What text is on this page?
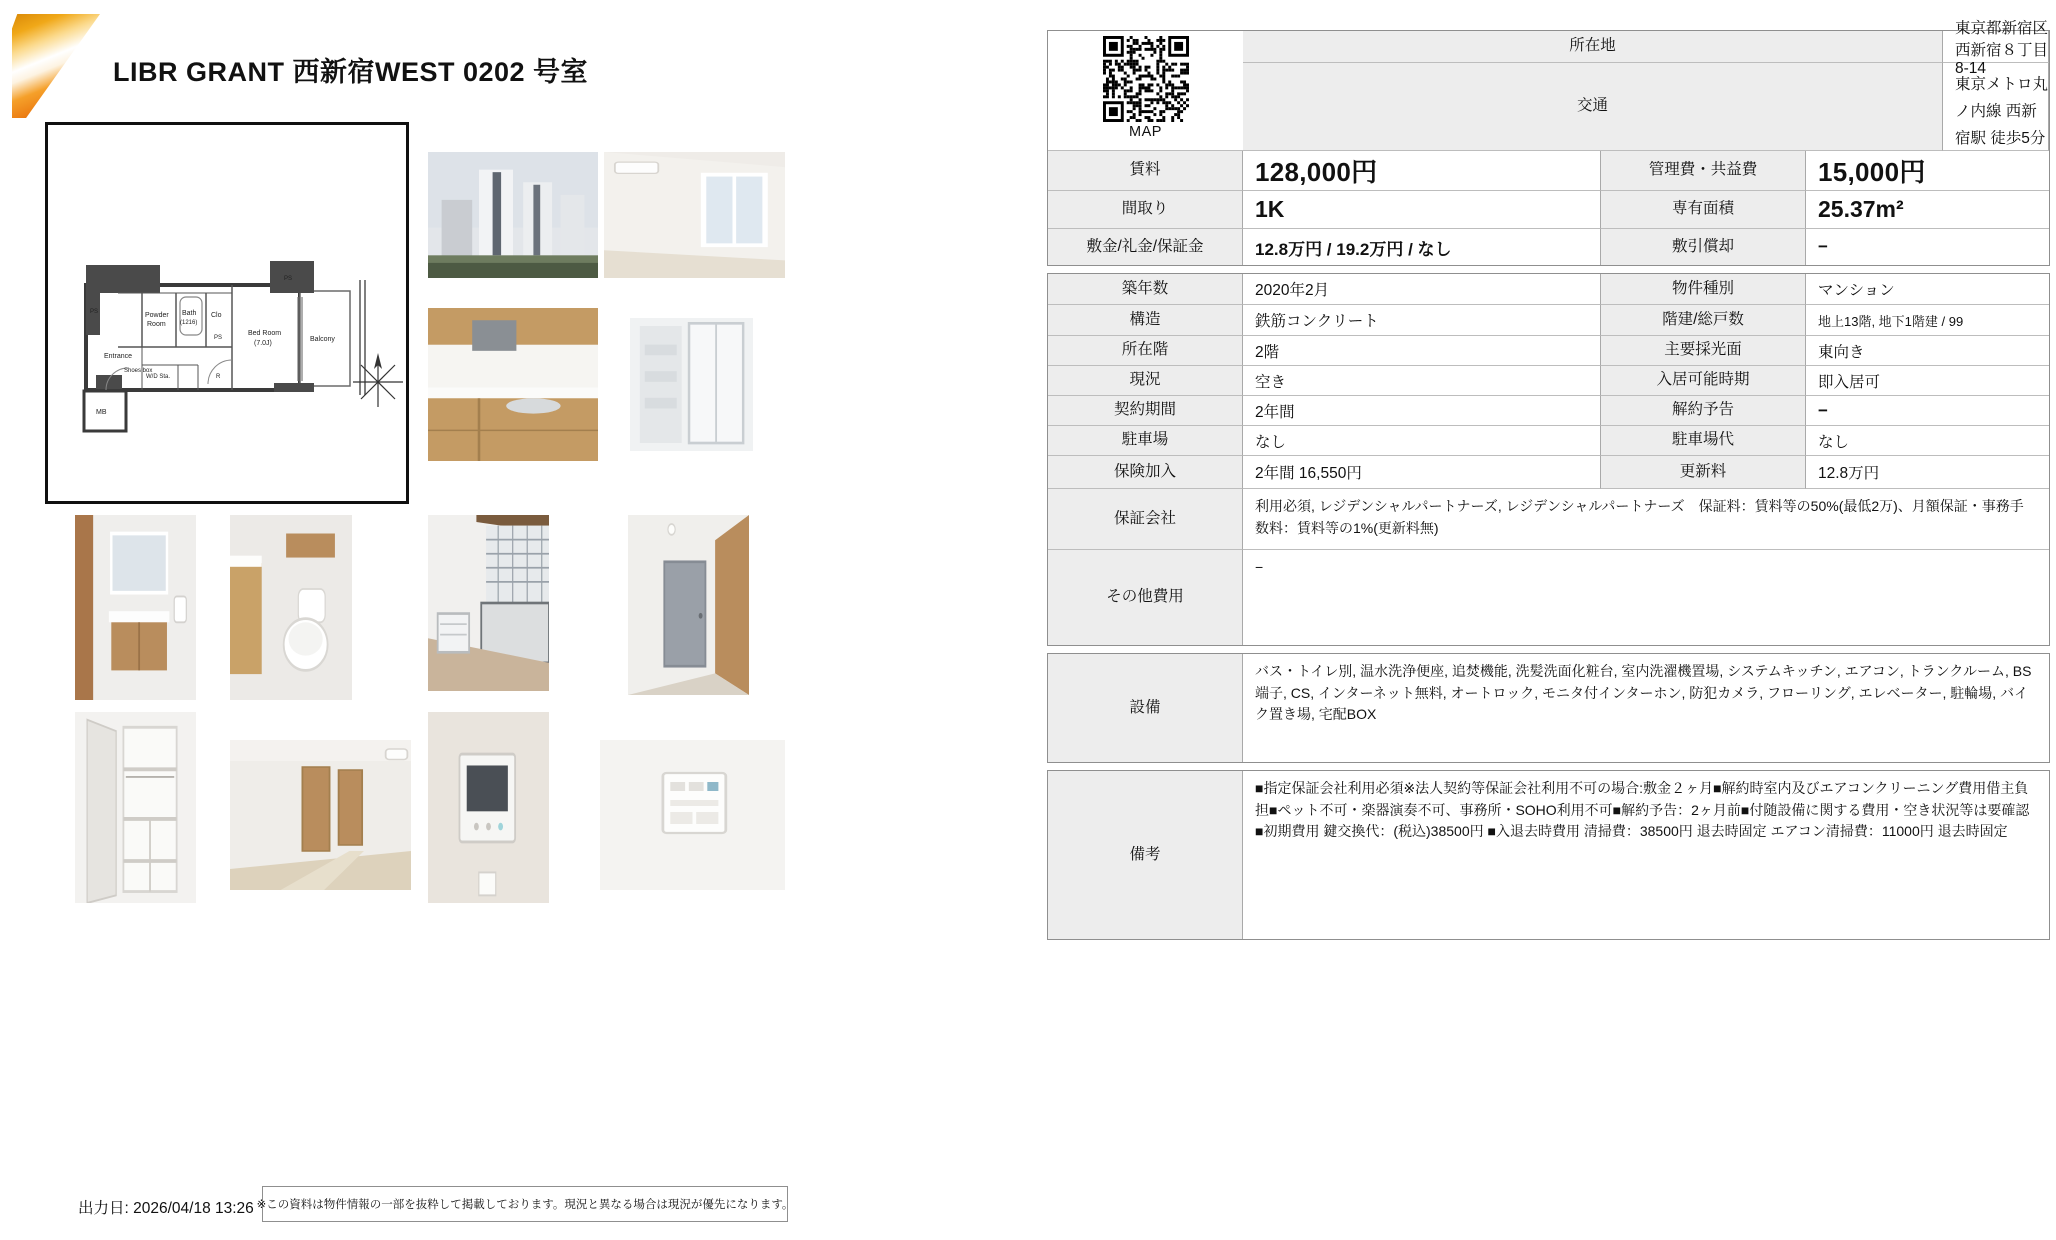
LIBR GRANT 西新宿WEST 0202 号室
PS	Powder
Room
Bath
(1216)
Clo
PS
PS
Entrance
Shoes box
W/D Sta.	R
MB
Bed Room
(7.0J)
Balcony
所在地
東京都新宿区西新宿８丁目8-14
MAP
交通
東京メトロ丸ノ内線 西新宿駅 徒歩5分

賃料	128,000円	管理費・共益費	15,000円
間取り	1K	専有面積	25.37m²
敷金/礼金/保証金	12.8万円 / 19.2万円 / なし	敷引償却	−
築年数	2020年2月	物件種別	マンション
構造	鉄筋コンクリート	階建/総戸数	地上13階, 地下1階建 / 99
所在階	2階	主要採光面	東向き
現況	空き	入居可能時期	即入居可
契約期間	2年間	解約予告	−
駐車場	なし	駐車場代	なし
保険加入	2年間 16,550円	更新料	12.8万円
保証会社
利用必須, レジデンシャルパートナーズ, レジデンシャルパートナーズ　保証料：賃料等の50%(最低2万)、月額保証・事務手数料：賃料等の1%(更新料無)
その他費用
−
設備
バス・トイレ別, 温水洗浄便座, 追焚機能, 洗髪洗面化粧台, 室内洗濯機置場, システムキッチン, エアコン, トランクルーム, BS端子, CS, インターネット無料, オートロック, モニタ付インターホン, 防犯カメラ, フローリング, エレベーター, 駐輪場, バイク置き場, 宅配BOX
備考
■指定保証会社利用必須※法人契約等保証会社利用不可の場合:敷金２ヶ月■解約時室内及びエアコンクリーニング費用借主負担■ペット不可・楽器演奏不可、事務所・SOHO利用不可■解約予告：2ヶ月前■付随設備に関する費用・空き状況等は要確認 ■初期費用 鍵交換代：(税込)38500円 ■入退去時費用 清掃費：38500円 退去時固定 エアコン清掃費：11000円 退去時固定
出力日: 2026/04/18 13:26 ※この資料は物件情報の一部を抜粋して掲載しております。現況と異なる場合は現況が優先になります。
